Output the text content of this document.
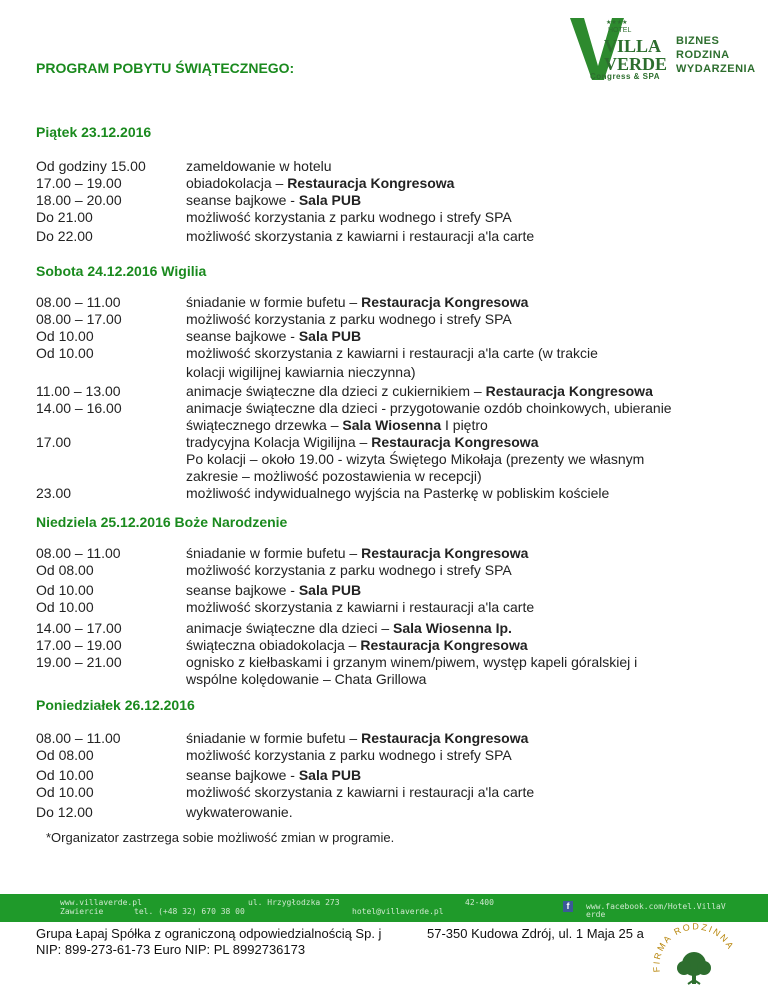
PROGRAM POBYTU ŚWIĄTECZNEGO:
★★★★
HOTEL
VILLA
VERDE
BIZNES
RODZINA
WYDARZENIA
Congress & SPA
Piątek 23.12.2016
Od godziny 15.00	zameldowanie w hotelu
17.00 – 19.00	obiadokolacja – Restauracja Kongresowa
18.00 – 20.00	seanse bajkowe - Sala PUB
Do 21.00	możliwość korzystania z parku wodnego i strefy SPA
Do 22.00	możliwość skorzystania z kawiarni i restauracji a'la carte
Sobota 24.12.2016 Wigilia
08.00 – 11.00	śniadanie w formie bufetu – Restauracja Kongresowa
08.00 – 17.00	możliwość korzystania z parku wodnego i strefy SPA
Od 10.00	seanse bajkowe - Sala PUB
Od 10.00	możliwość skorzystania z kawiarni i restauracji a'la carte (w trakcie
kolacji wigilijnej kawiarnia nieczynna)
11.00 – 13.00	animacje świąteczne dla dzieci z cukiernikiem – Restauracja Kongresowa
14.00 – 16.00	animacje świąteczne dla dzieci - przygotowanie ozdób choinkowych, ubieranie
świątecznego drzewka – Sala Wiosenna I piętro
17.00	tradycyjna Kolacja Wigilijna – Restauracja Kongresowa
Po kolacji – około 19.00 - wizyta Świętego Mikołaja (prezenty we własnym
zakresie – możliwość pozostawienia w recepcji)
23.00	możliwość indywidualnego wyjścia na Pasterkę w pobliskim kościele
Niedziela 25.12.2016 Boże Narodzenie
08.00 – 11.00	śniadanie w formie bufetu – Restauracja Kongresowa
Od 08.00	możliwość korzystania z parku wodnego i strefy SPA
Od 10.00	seanse bajkowe - Sala PUB
Od 10.00	możliwość skorzystania z kawiarni i restauracji a'la carte
14.00 – 17.00	animacje świąteczne dla dzieci – Sala Wiosenna Ip.
17.00 – 19.00	świąteczna obiadokolacja – Restauracja Kongresowa
19.00 – 21.00	ognisko z kiełbaskami i grzanym winem/piwem, występ kapeli góralskiej i
wspólne kolędowanie – Chata Grillowa
Poniedziałek 26.12.2016
08.00 – 11.00	śniadanie w formie bufetu – Restauracja Kongresowa
Od 08.00	możliwość korzystania z parku wodnego i strefy SPA
Od 10.00	seanse bajkowe - Sala PUB
Od 10.00	możliwość skorzystania z kawiarni i restauracji a'la carte
Do 12.00	wykwaterowanie.
*Organizator zastrzega sobie możliwość zmian w programie.
www.villaverde.pl
Zawiercie
ul. Hrzygłodzka 273
tel. (+48 32) 670 38 00	hotel@villaverde.pl
42-400	f	www.facebook.com/Hotel.VillaV
erde
Grupa Łapaj Spółka z ograniczoną odpowiedzialnością Sp. j
NIP: 899-273-61-73 Euro NIP: PL 8992736173
57-350 Kudowa Zdrój, ul. 1 Maja 25 a
FIRMA RODZINNA
